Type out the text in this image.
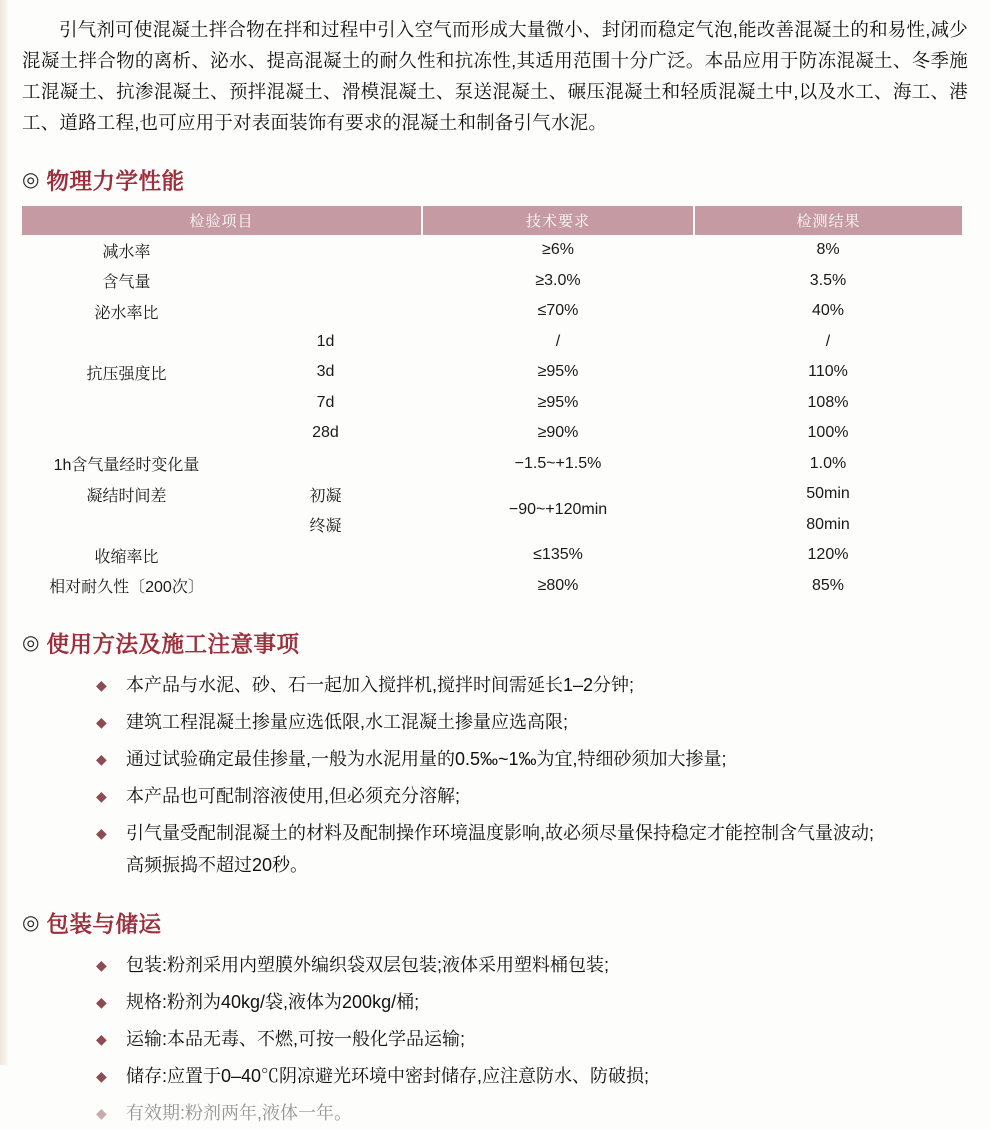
引气剂可使混凝土拌合物在拌和过程中引入空气而形成大量微小、封闭而稳定气泡,能改善混凝土的和易性,减少混凝土拌合物的离析、泌水、提高混凝土的耐久性和抗冻性,其适用范围十分广泛。本品应用于防冻混凝土、冬季施工混凝土、抗渗混凝土、预拌混凝土、滑模混凝土、泵送混凝土、碾压混凝土和轻质混凝土中,以及水工、海工、港工、道路工程,也可应用于对表面装饰有要求的混凝土和制备引气水泥。

◎ 物理力学性能
检验项目	技术要求	检测结果

减水率	≥6%	8%

含气量	≥3.0%	3.5%

泌水率比	≤70%	40%

1d	/	/

抗压强度比 3d	≥95%	110%

7d	≥95%	108%

28d	≥90%	100%

1h含气量经时变化量	−1.5~+1.5%	1.0%

凝结时间差 初凝	−90~+120min	50min

终凝		80min

收缩率比	≤135%	120%

相对耐久性〔200次〕	≥80%	85%
◎ 使用方法及施工注意事项
◆ 本产品与水泥、砂、石一起加入搅拌机,搅拌时间需延长1–2分钟;
◆ 建筑工程混凝土掺量应选低限,水工混凝土掺量应选高限;
◆ 通过试验确定最佳掺量,一般为水泥用量的0.5‰~1‰为宜,特细砂须加大掺量;
◆ 本产品也可配制溶液使用,但必须充分溶解;
◆ 引气量受配制混凝土的材料及配制操作环境温度影响,故必须尽量保持稳定才能控制含气量波动;
高频振捣不超过20秒。
◎ 包装与储运
◆ 包装:粉剂采用内塑膜外编织袋双层包装;液体采用塑料桶包装;
◆ 规格:粉剂为40kg/袋,液体为200kg/桶;
◆ 运输:本品无毒、不燃,可按一般化学品运输;
◆ 储存:应置于0–40℃阴凉避光环境中密封储存,应注意防水、防破损;
◆ 有效期:粉剂两年,液体一年。
